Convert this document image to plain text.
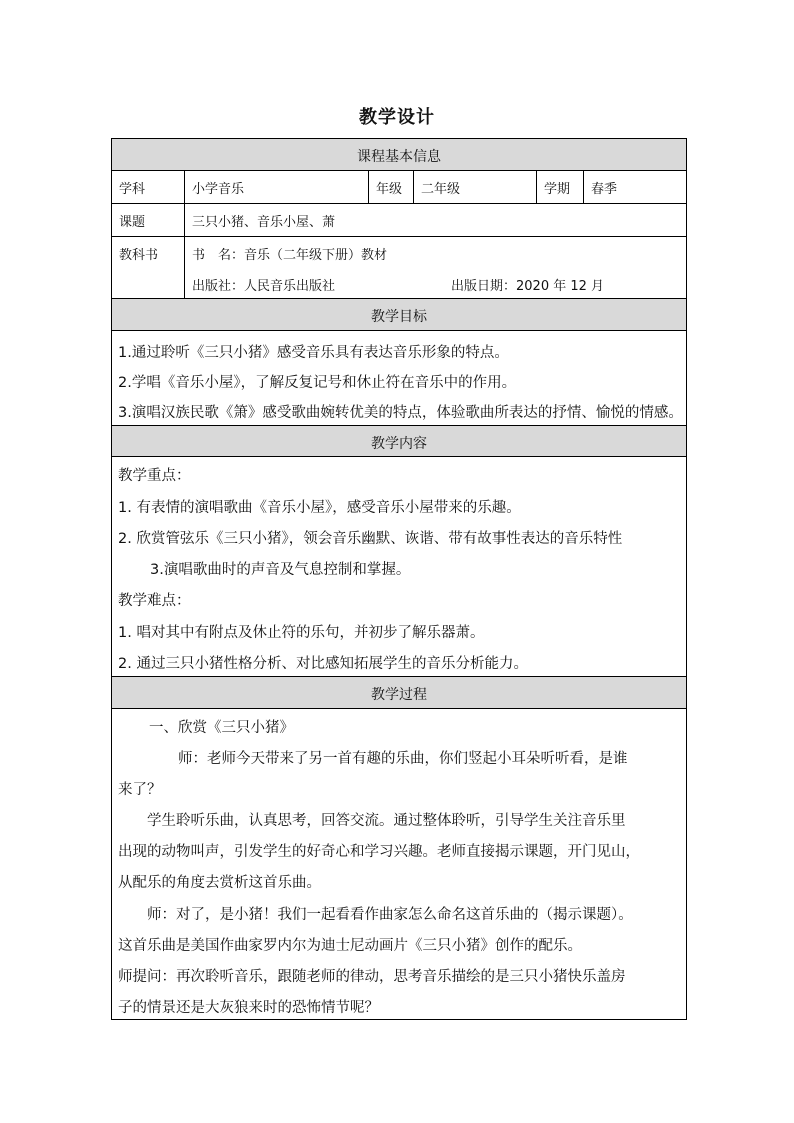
教学设计
课程基本信息
学科	小学音乐	年级	二年级	学期	春季
课题	三只小猪、音乐小屋、萧
教科书	书　名：音乐（二年级下册）教材
出版社：人民音乐出版社	出版日期：2020 年 12 月
教学目标
1.通过聆听《三只小猪》感受音乐具有表达音乐形象的特点。
2.学唱《音乐小屋》，了解反复记号和休止符在音乐中的作用。
3.演唱汉族民歌《箫》感受歌曲婉转优美的特点，体验歌曲所表达的抒情、愉悦的情感。
教学内容
教学重点：
1. 有表情的演唱歌曲《音乐小屋》，感受音乐小屋带来的乐趣。
2. 欣赏管弦乐《三只小猪》，领会音乐幽默、诙谐、带有故事性表达的音乐特性
3.演唱歌曲时的声音及气息控制和掌握。
教学难点：
1. 唱对其中有附点及休止符的乐句，并初步了解乐器萧。
2. 通过三只小猪性格分析、对比感知拓展学生的音乐分析能力。
教学过程
一、欣赏《三只小猪》
师：老师今天带来了另一首有趣的乐曲，你们竖起小耳朵听听看，是谁
来了？
学生聆听乐曲，认真思考，回答交流。通过整体聆听，引导学生关注音乐里
出现的动物叫声，引发学生的好奇心和学习兴趣。老师直接揭示课题，开门见山，
从配乐的角度去赏析这首乐曲。
师：对了，是小猪！我们一起看看作曲家怎么命名这首乐曲的（揭示课题）。
这首乐曲是美国作曲家罗内尔为迪士尼动画片《三只小猪》创作的配乐。
师提问：再次聆听音乐，跟随老师的律动，思考音乐描绘的是三只小猪快乐盖房
子的情景还是大灰狼来时的恐怖情节呢？
